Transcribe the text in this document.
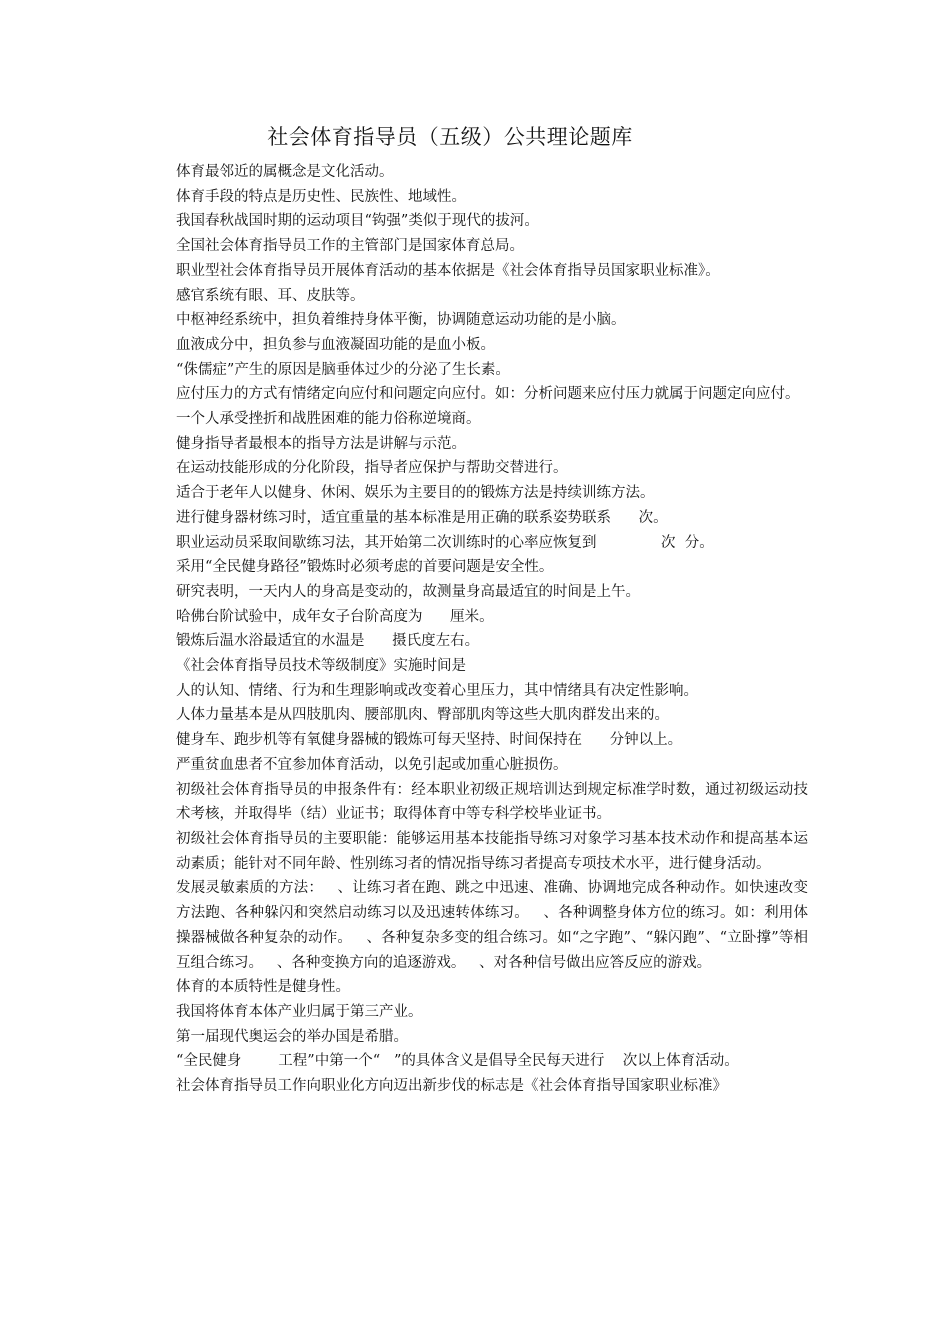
社会体育指导员（五级）公共理论题库

体育最邻近的属概念是文化活动。

体育手段的特点是历史性、民族性、地域性。

我国春秋战国时期的运动项目“钩强”类似于现代的拔河。

全国社会体育指导员工作的主管部门是国家体育总局。

职业型社会体育指导员开展体育活动的基本依据是《社会体育指导员国家职业标准》。

感官系统有眼、耳、皮肤等。

中枢神经系统中，担负着维持身体平衡，协调随意运动功能的是小脑。

血液成分中，担负参与血液凝固功能的是血小板。

“侏儒症”产生的原因是脑垂体过少的分泌了生长素。

应付压力的方式有情绪定向应付和问题定向应付。如：分析问题来应付压力就属于问题定向应付。

一个人承受挫折和战胜困难的能力俗称逆境商。

健身指导者最根本的指导方法是讲解与示范。

在运动技能形成的分化阶段，指导者应保护与帮助交替进行。

适合于老年人以健身、休闲、娱乐为主要目的的锻炼方法是持续训练方法。

进行健身器材练习时，适宜重量的基本标准是用正确的联系姿势联系      次。

职业运动员采取间歇练习法，其开始第二次训练时的心率应恢复到              次  分。

采用“全民健身路径”锻炼时必须考虑的首要问题是安全性。

研究表明，一天内人的身高是变动的，故测量身高最适宜的时间是上午。

哈佛台阶试验中，成年女子台阶高度为      厘米。

锻炼后温水浴最适宜的水温是      摄氏度左右。

《社会体育指导员技术等级制度》实施时间是

人的认知、情绪、行为和生理影响或改变着心里压力，其中情绪具有决定性影响。

人体力量基本是从四肢肌肉、腰部肌肉、臀部肌肉等这些大肌肉群发出来的。

健身车、跑步机等有氧健身器械的锻炼可每天坚持、时间保持在      分钟以上。

严重贫血患者不宜参加体育活动，以免引起或加重心脏损伤。

初级社会体育指导员的申报条件有：经本职业初级正规培训达到规定标准学时数，通过初级运动技术考核，并取得毕（结）业证书；取得体育中等专科学校毕业证书。

初级社会体育指导员的主要职能：能够运用基本技能指导练习对象学习基本技术动作和提高基本运动素质；能针对不同年龄、性别练习者的情况指导练习者提高专项技术水平，进行健身活动。

发展灵敏素质的方法：   、让练习者在跑、跳之中迅速、准确、协调地完成各种动作。如快速改变方法跑、各种躲闪和突然启动练习以及迅速转体练习。   、各种调整身体方位的练习。如：利用体操器械做各种复杂的动作。   、各种复杂多变的组合练习。如“之字跑”、“躲闪跑”、“立卧撑”等相互组合练习。   、各种变换方向的追逐游戏。   、对各种信号做出应答反应的游戏。

体育的本质特性是健身性。

我国将体育本体产业归属于第三产业。

第一届现代奥运会的举办国是希腊。

“全民健身        工程”中第一个“   ”的具体含义是倡导全民每天进行    次以上体育活动。

社会体育指导员工作向职业化方向迈出新步伐的标志是《社会体育指导国家职业标准》
